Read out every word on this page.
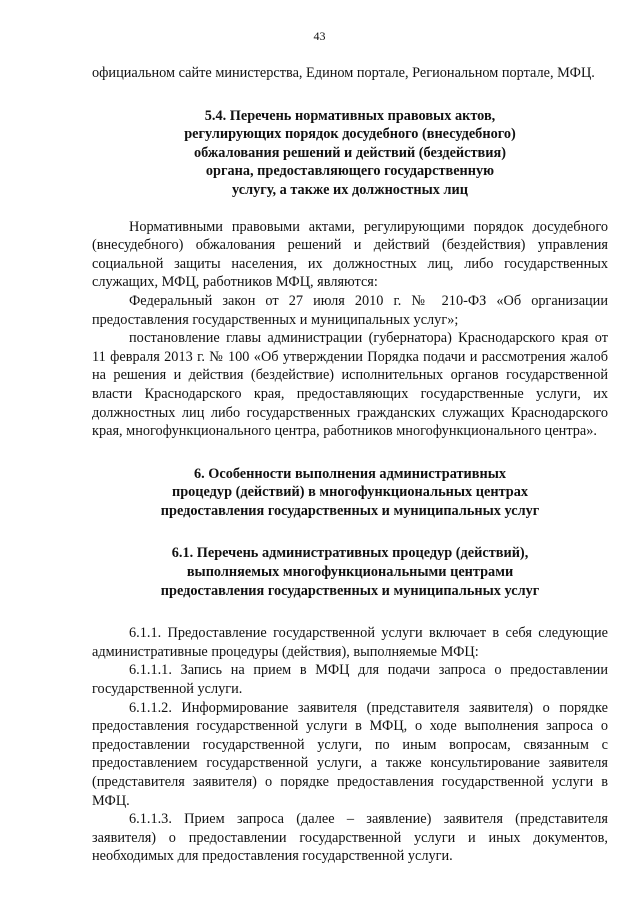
43

официальном сайте министерства, Едином портале, Региональном портале, МФЦ.

5.4. Перечень нормативных правовых актов,
регулирующих порядок досудебного (внесудебного)
обжалования решений и действий (бездействия)
органа, предоставляющего государственную
услугу, а также их должностных лиц

Нормативными правовыми актами, регулирующими порядок досудебного (внесудебного) обжалования решений и действий (бездействия) управления социальной защиты населения, их должностных лиц, либо государственных служащих, МФЦ, работников МФЦ, являются:

Федеральный закон от 27 июля 2010 г. № 210-ФЗ «Об организации предоставления государственных и муниципальных услуг»;

постановление главы администрации (губернатора) Краснодарского края от 11 февраля 2013 г. № 100 «Об утверждении Порядка подачи и рассмотрения жалоб на решения и действия (бездействие) исполнительных органов государственной власти Краснодарского края, предоставляющих государственные услуги, их должностных лиц либо государственных гражданских служащих Краснодарского края, многофункционального центра, работников многофункционального центра».

6. Особенности выполнения административных
процедур (действий) в многофункциональных центрах
предоставления государственных и муниципальных услуг
6.1. Перечень административных процедур (действий),
выполняемых многофункциональными центрами
предоставления государственных и муниципальных услуг

6.1.1. Предоставление государственной услуги включает в себя следующие административные процедуры (действия), выполняемые МФЦ:

6.1.1.1. Запись на прием в МФЦ для подачи запроса о предоставлении государственной услуги.

6.1.1.2. Информирование заявителя (представителя заявителя) о порядке предоставления государственной услуги в МФЦ, о ходе выполнения запроса о предоставлении государственной услуги, по иным вопросам, связанным с предоставлением государственной услуги, а также консультирование заявителя (представителя заявителя) о порядке предоставления государственной услуги в МФЦ.

6.1.1.3. Прием запроса (далее – заявление) заявителя (представителя заявителя) о предоставлении государственной услуги и иных документов, необходимых для предоставления государственной услуги.
